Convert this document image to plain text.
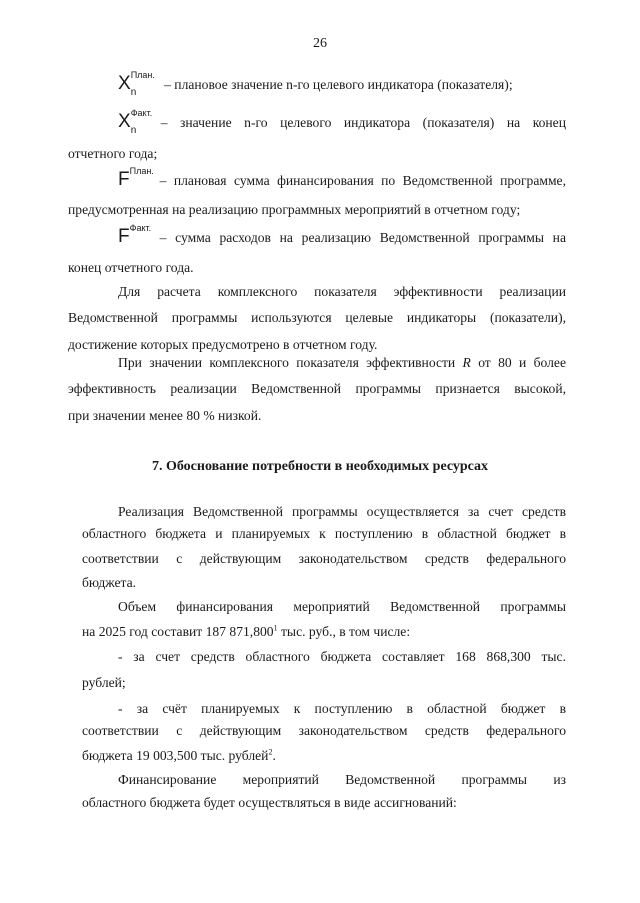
26
X План.
n
– плановое значение n-го целевого индикатора (показателя);
X Факт.
n
– значение n-го целевого индикатора (показателя) на конец
отчетного года;
F План.
– плановая сумма финансирования по Ведомственной программе,
предусмотренная на реализацию программных мероприятий в отчетном году;
F Факт.
– сумма расходов на реализацию Ведомственной программы на
конец отчетного года.
Для расчета комплексного показателя эффективности реализации
Ведомственной программы используются целевые индикаторы (показатели),
достижение которых предусмотрено в отчетном году.
При значении комплексного показателя эффективности R от 80 и более
эффективность реализации Ведомственной программы признается высокой,
при значении менее 80 % низкой.
7. Обоснование потребности в необходимых ресурсах
Реализация Ведомственной программы осуществляется за счет средств
областного бюджета и планируемых к поступлению в областной бюджет в
соответствии с действующим законодательством средств федерального
бюджета.
Объем финансирования мероприятий Ведомственной программы
на 2025 год составит 187 871,800$^1$ тыс. руб., в том числе:
- за счет средств областного бюджета составляет 168 868,300 тыс.
рублей;
- за счёт планируемых к поступлению в областной бюджет в
соответствии с действующим законодательством средств федерального
бюджета 19 003,500 тыс. рублей$^2$.
Финансирование мероприятий Ведомственной программы из
областного бюджета будет осуществляться в виде ассигнований:
